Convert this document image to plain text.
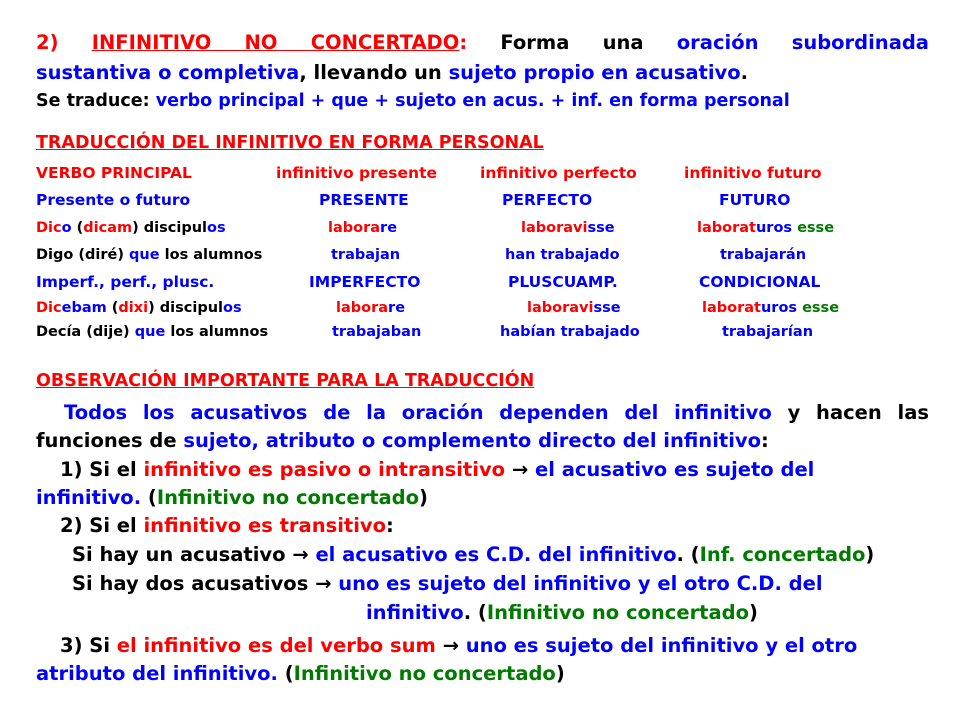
2) INFINITIVO NO CONCERTADO: Forma una oración subordinada
sustantiva o completiva, llevando un sujeto propio en acusativo.
Se traduce: verbo principal + que + sujeto en acus. + inf. en forma personal
TRADUCCIÓN DEL INFINITIVO EN FORMA PERSONAL
VERBO PRINCIPAL	infinitivo presente	infinitivo perfecto	infinitivo futuro
Presente o futuro	PRESENTE	PERFECTO	FUTURO
Dico (dicam) discipulos	laborare	laboravisse	laboraturos esse
Digo (diré) que los alumnos	trabajan	han trabajado	trabajarán
Imperf., perf., plusc.	IMPERFECTO	PLUSCUAMP.	CONDICIONAL
Dicebam (dixi) discipulos	laborare	laboravisse	laboraturos esse
Decía (dije) que los alumnos	trabajaban	habían trabajado	trabajarían
OBSERVACIÓN IMPORTANTE PARA LA TRADUCCIÓN
Todos los acusativos de la oración dependen del infinitivo y hacen las
funciones de sujeto, atributo o complemento directo del infinitivo:
1) Si el infinitivo es pasivo o intransitivo → el acusativo es sujeto del
infinitivo. (Infinitivo no concertado)
2) Si el infinitivo es transitivo:
Si hay un acusativo → el acusativo es C.D. del infinitivo. (Inf. concertado)
Si hay dos acusativos → uno es sujeto del infinitivo y el otro C.D. del
infinitivo. (Infinitivo no concertado)
3) Si el infinitivo es del verbo sum → uno es sujeto del infinitivo y el otro
atributo del infinitivo. (Infinitivo no concertado)
